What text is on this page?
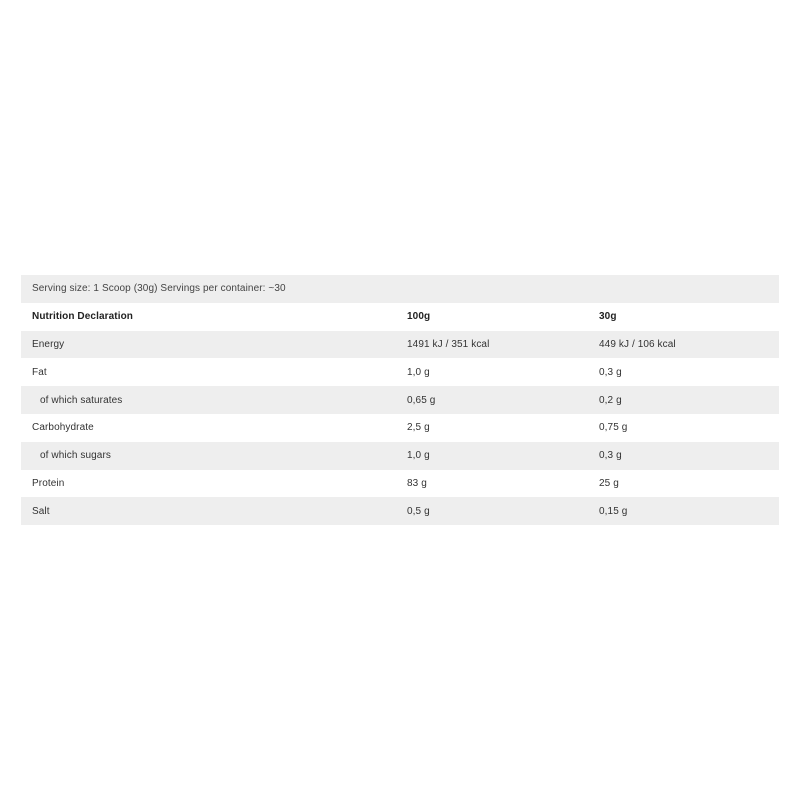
Serving size: 1 Scoop (30g) Servings per container: ~30
Nutrition Declaration	100g	30g
Energy	1491 kJ / 351 kcal	449 kJ / 106 kcal
Fat	1,0 g	0,3 g
of which saturates	0,65 g	0,2 g
Carbohydrate	2,5 g	0,75 g
of which sugars	1,0 g	0,3 g
Protein	83 g	25 g
Salt	0,5 g	0,15 g
